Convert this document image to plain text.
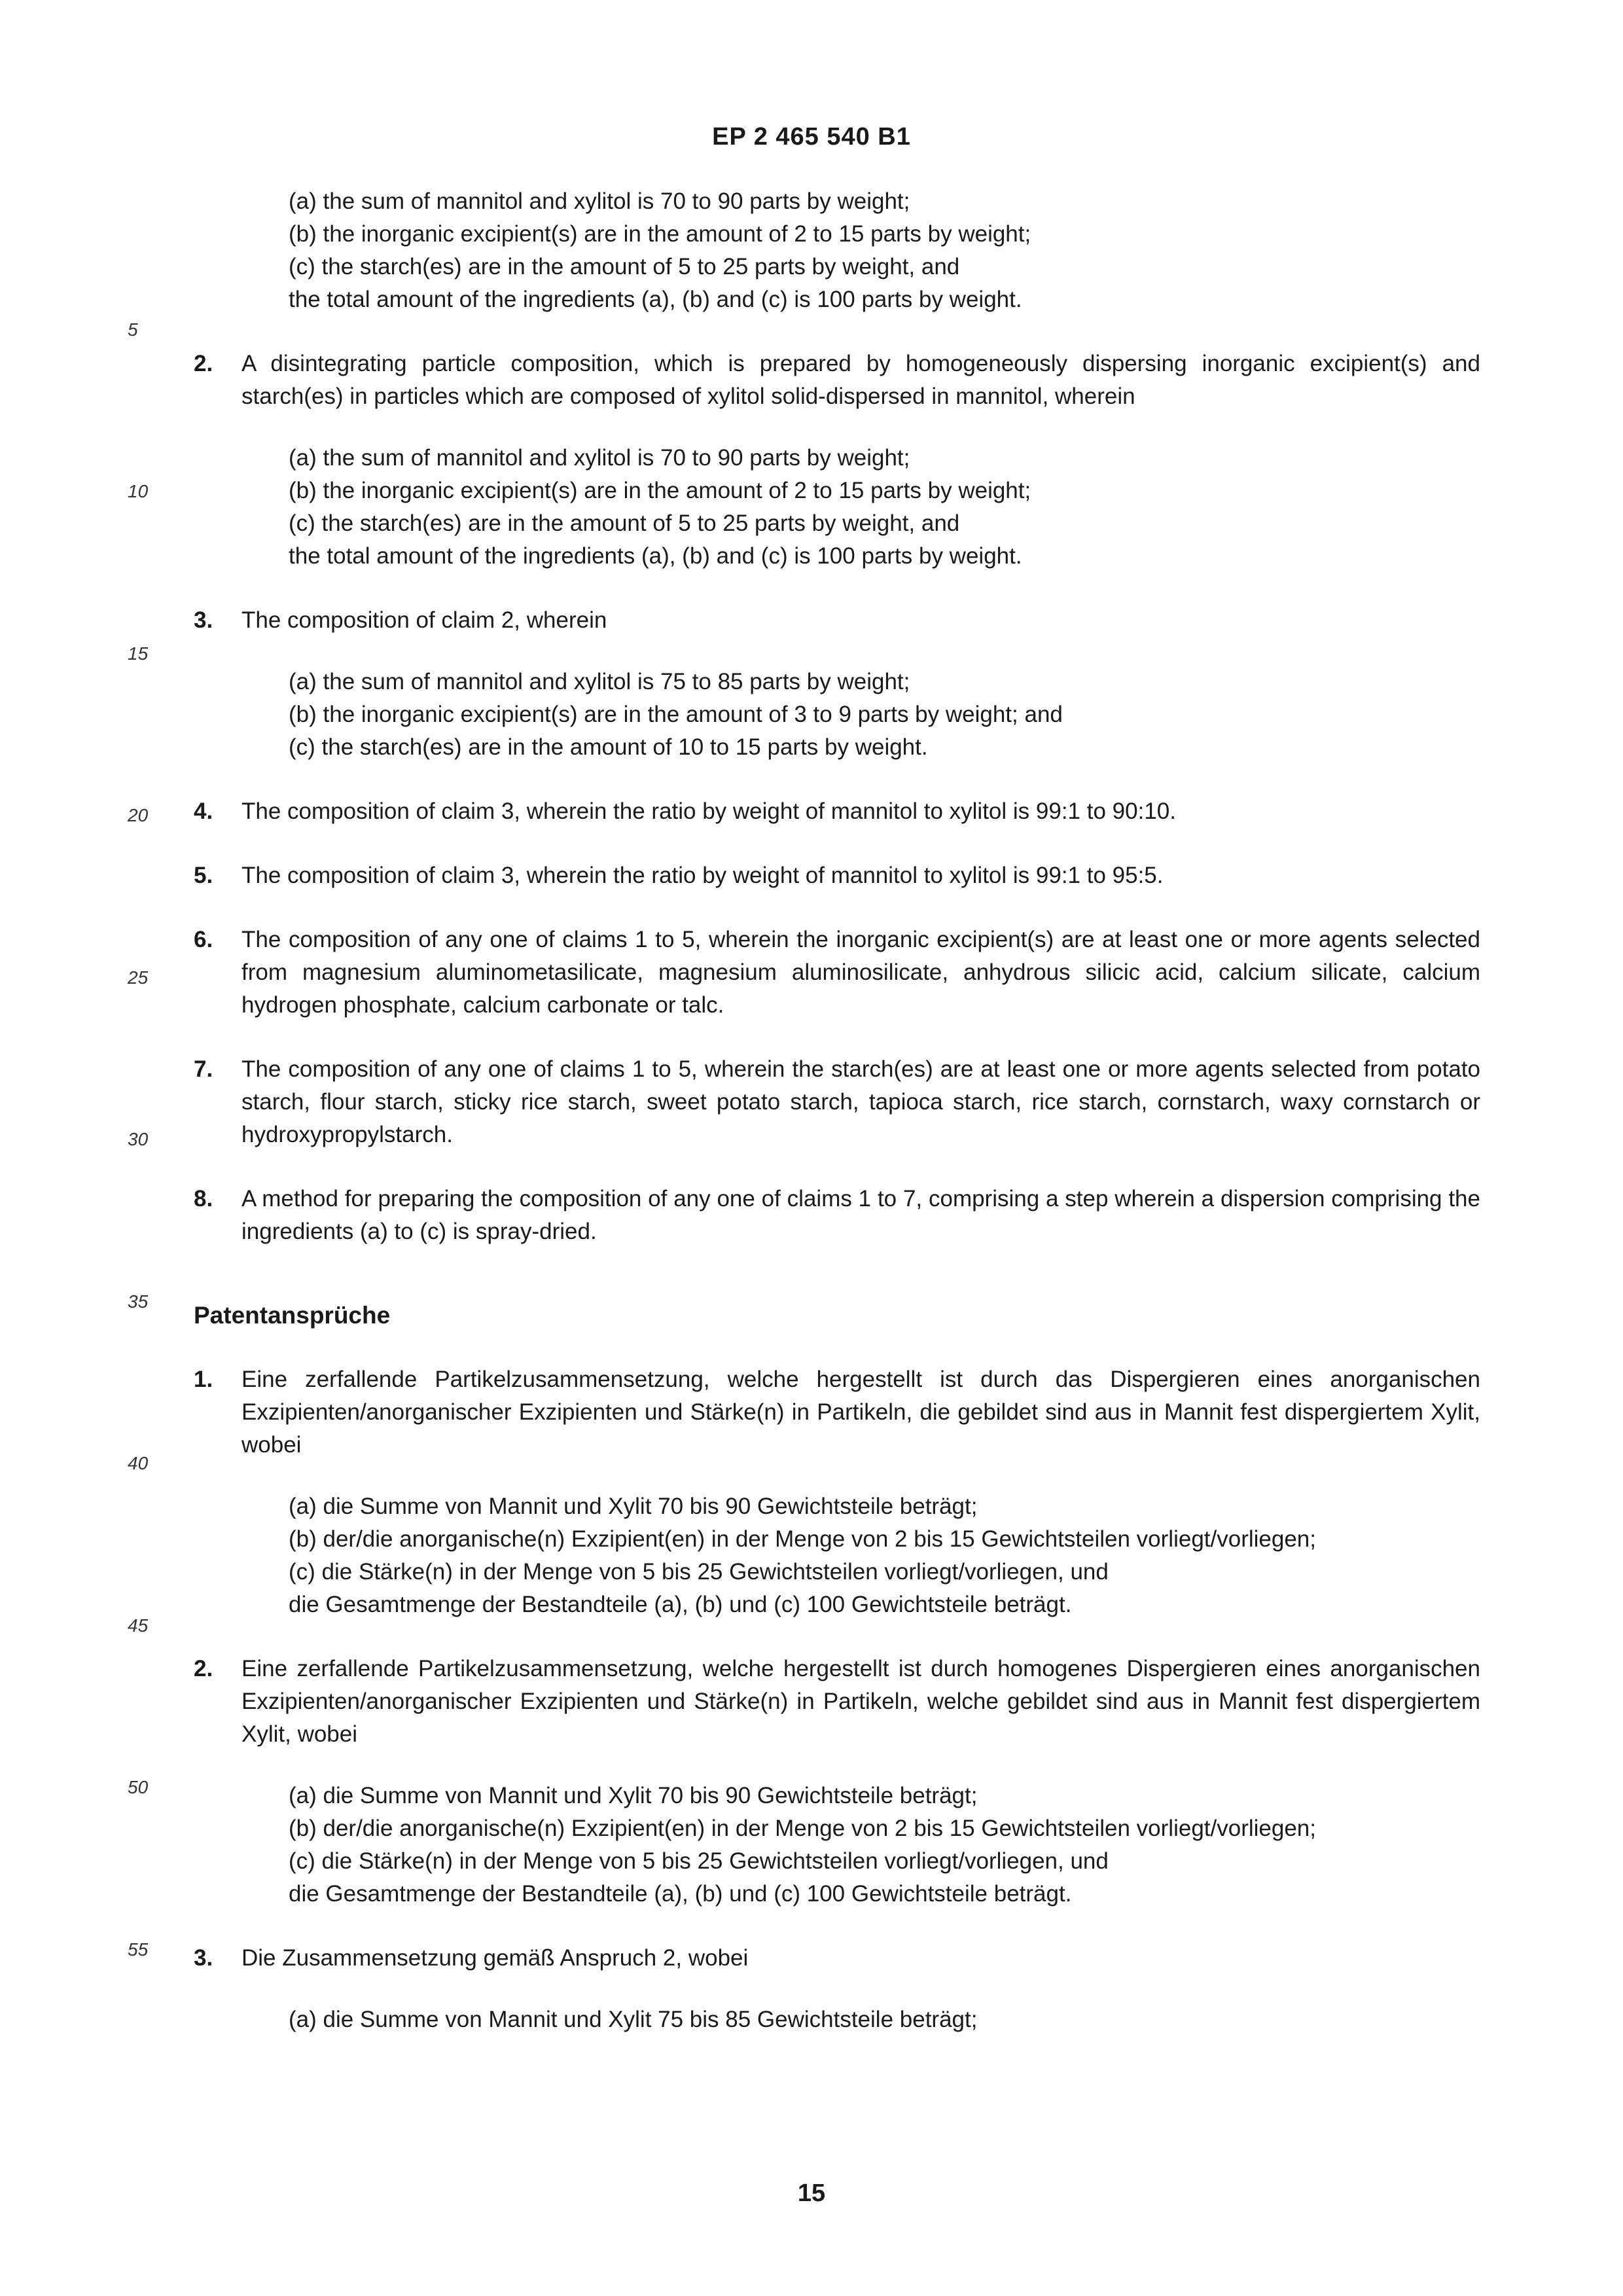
EP 2 465 540 B1
5
10
15
20
25
30
35
40
45
50
55
(a) the sum of mannitol and xylitol is 70 to 90 parts by weight;
(b) the inorganic excipient(s) are in the amount of 2 to 15 parts by weight;
(c) the starch(es) are in the amount of 5 to 25 parts by weight, and
the total amount of the ingredients (a), (b) and (c) is 100 parts by weight.
2.	A disintegrating particle composition, which is prepared by homogeneously dispersing inorganic excipient(s) and starch(es) in particles which are composed of xylitol solid-dispersed in mannitol, wherein
(a) the sum of mannitol and xylitol is 70 to 90 parts by weight;
(b) the inorganic excipient(s) are in the amount of 2 to 15 parts by weight;
(c) the starch(es) are in the amount of 5 to 25 parts by weight, and
the total amount of the ingredients (a), (b) and (c) is 100 parts by weight.
3.	The composition of claim 2, wherein
(a) the sum of mannitol and xylitol is 75 to 85 parts by weight;
(b) the inorganic excipient(s) are in the amount of 3 to 9 parts by weight; and
(c) the starch(es) are in the amount of 10 to 15 parts by weight.
4.	The composition of claim 3, wherein the ratio by weight of mannitol to xylitol is 99:1 to 90:10.
5.	The composition of claim 3, wherein the ratio by weight of mannitol to xylitol is 99:1 to 95:5.
6.	The composition of any one of claims 1 to 5, wherein the inorganic excipient(s) are at least one or more agents selected from magnesium aluminometasilicate, magnesium aluminosilicate, anhydrous silicic acid, calcium silicate, calcium hydrogen phosphate, calcium carbonate or talc.
7.	The composition of any one of claims 1 to 5, wherein the starch(es) are at least one or more agents selected from potato starch, flour starch, sticky rice starch, sweet potato starch, tapioca starch, rice starch, cornstarch, waxy cornstarch or hydroxypropylstarch.
8.	A method for preparing the composition of any one of claims 1 to 7, comprising a step wherein a dispersion comprising the ingredients (a) to (c) is spray-dried.
Patentansprüche
1.	Eine zerfallende Partikelzusammensetzung, welche hergestellt ist durch das Dispergieren eines anorganischen Exzipienten/anorganischer Exzipienten und Stärke(n) in Partikeln, die gebildet sind aus in Mannit fest dispergiertem Xylit, wobei
(a) die Summe von Mannit und Xylit 70 bis 90 Gewichtsteile beträgt;
(b) der/die anorganische(n) Exzipient(en) in der Menge von 2 bis 15 Gewichtsteilen vorliegt/vorliegen;
(c) die Stärke(n) in der Menge von 5 bis 25 Gewichtsteilen vorliegt/vorliegen, und
die Gesamtmenge der Bestandteile (a), (b) und (c) 100 Gewichtsteile beträgt.
2.	Eine zerfallende Partikelzusammensetzung, welche hergestellt ist durch homogenes Dispergieren eines anorganischen Exzipienten/anorganischer Exzipienten und Stärke(n) in Partikeln, welche gebildet sind aus in Mannit fest dispergiertem Xylit, wobei
(a) die Summe von Mannit und Xylit 70 bis 90 Gewichtsteile beträgt;
(b) der/die anorganische(n) Exzipient(en) in der Menge von 2 bis 15 Gewichtsteilen vorliegt/vorliegen;
(c) die Stärke(n) in der Menge von 5 bis 25 Gewichtsteilen vorliegt/vorliegen, und
die Gesamtmenge der Bestandteile (a), (b) und (c) 100 Gewichtsteile beträgt.
3.	Die Zusammensetzung gemäß Anspruch 2, wobei
(a) die Summe von Mannit und Xylit 75 bis 85 Gewichtsteile beträgt;
15
